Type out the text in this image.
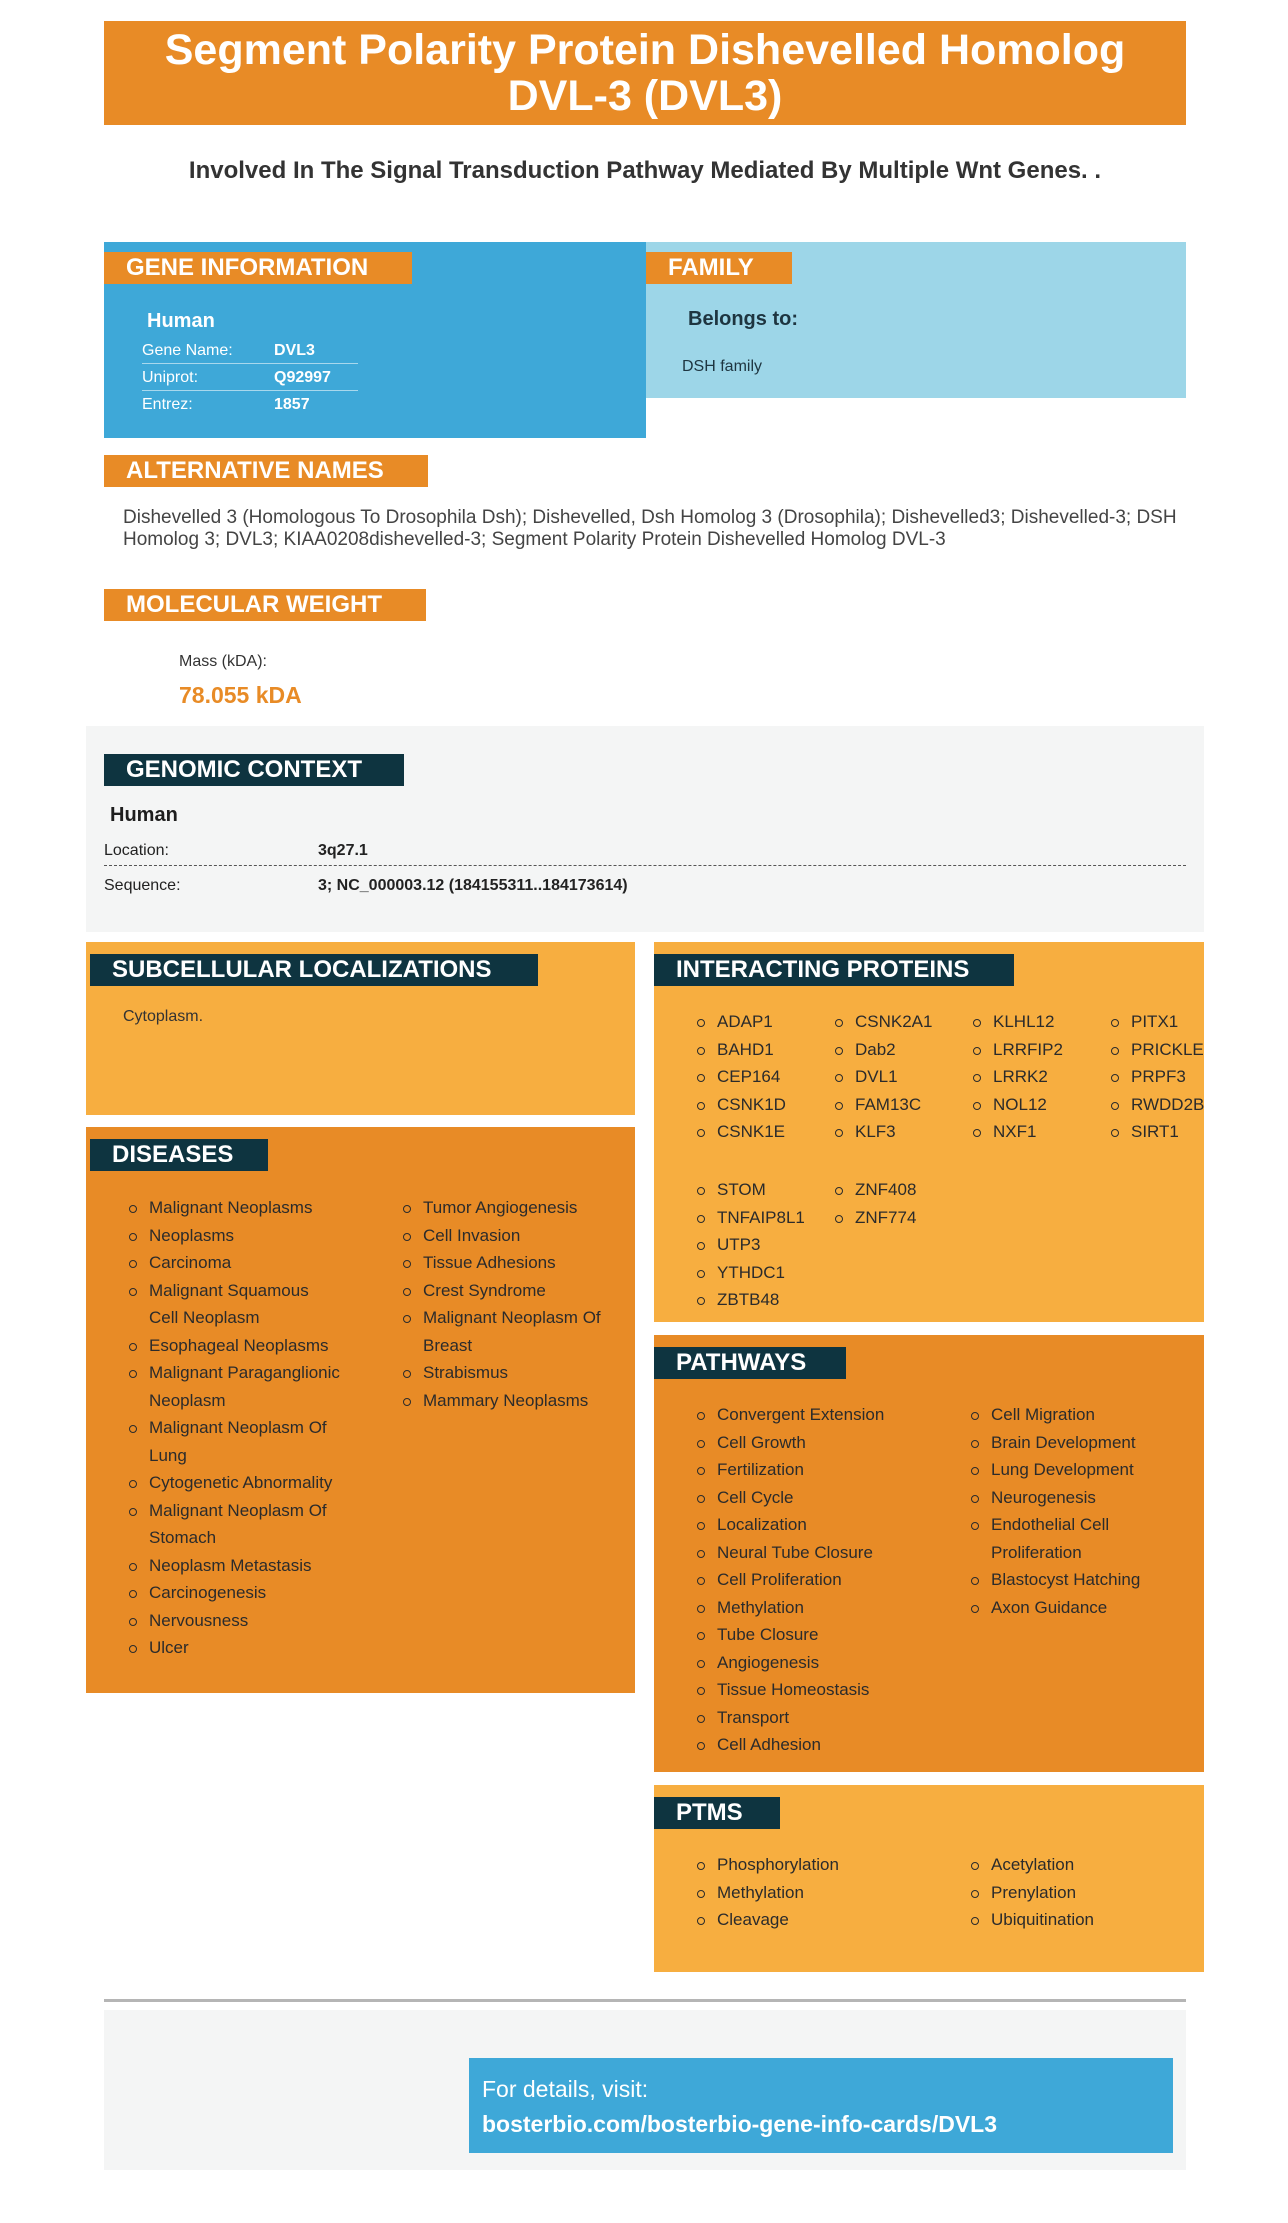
Segment Polarity Protein Dishevelled Homolog DVL-3 (DVL3)
Involved In The Signal Transduction Pathway Mediated By Multiple Wnt Genes. .
GENE INFORMATION
Human
Gene Name:	DVL3
Uniprot:	Q92997
Entrez:	1857
FAMILY
Belongs to:
DSH family
ALTERNATIVE NAMES
Dishevelled 3 (Homologous To Drosophila Dsh); Dishevelled, Dsh Homolog 3 (Drosophila); Dishevelled3; Dishevelled-3; DSH Homolog 3; DVL3; KIAA0208dishevelled-3; Segment Polarity Protein Dishevelled Homolog DVL-3
MOLECULAR WEIGHT
Mass (kDA):
78.055 kDA
GENOMIC CONTEXT
Human
Location:	3q27.1
Sequence:	3; NC_000003.12 (184155311..184173614)
SUBCELLULAR LOCALIZATIONS
Cytoplasm.
DISEASES
Malignant Neoplasms
Neoplasms
Carcinoma
Malignant Squamous Cell Neoplasm
Esophageal Neoplasms
Malignant Paraganglionic Neoplasm
Malignant Neoplasm Of Lung
Cytogenetic Abnormality
Malignant Neoplasm Of Stomach
Neoplasm Metastasis
Carcinogenesis
Nervousness
Ulcer
Tumor Angiogenesis
Cell Invasion
Tissue Adhesions
Crest Syndrome
Malignant Neoplasm Of Breast
Strabismus
Mammary Neoplasms
INTERACTING PROTEINS
ADAP1
BAHD1
CEP164
CSNK1D
CSNK1E
CSNK2A1
Dab2
DVL1
FAM13C
KLF3
KLHL12
LRRFIP2
LRRK2
NOL12
NXF1
PITX1
PRICKLE
PRPF3
RWDD2B
SIRT1
STOM
TNFAIP8L1
UTP3
YTHDC1
ZBTB48
ZNF408
ZNF774
PATHWAYS
Convergent Extension
Cell Growth
Fertilization
Cell Cycle
Localization
Neural Tube Closure
Cell Proliferation
Methylation
Tube Closure
Angiogenesis
Tissue Homeostasis
Transport
Cell Adhesion
Cell Migration
Brain Development
Lung Development
Neurogenesis
Endothelial Cell Proliferation
Blastocyst Hatching
Axon Guidance
PTMS
Phosphorylation
Methylation
Cleavage
Acetylation
Prenylation
Ubiquitination
For details, visit:
bosterbio.com/bosterbio-gene-info-cards/DVL3
